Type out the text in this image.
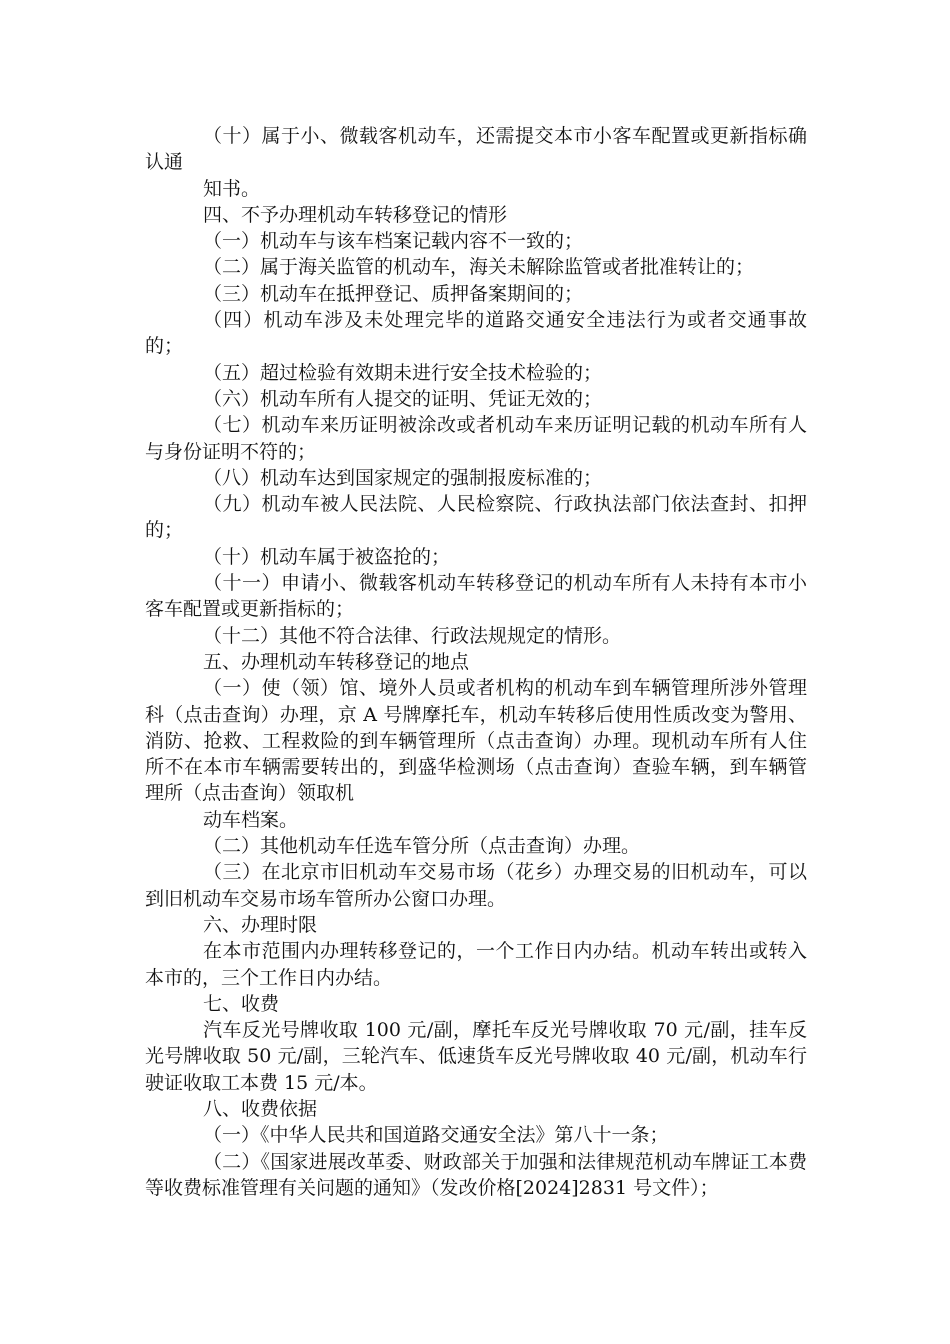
（十）属于小、微载客机动车，还需提交本市小客车配置或更新指标确认通

知书。

四、不予办理机动车转移登记的情形

（一）机动车与该车档案记载内容不一致的；

（二）属于海关监管的机动车，海关未解除监管或者批准转让的；

（三）机动车在抵押登记、质押备案期间的；

（四）机动车涉及未处理完毕的道路交通安全违法行为或者交通事故的；

（五）超过检验有效期未进行安全技术检验的；

（六）机动车所有人提交的证明、凭证无效的；

（七）机动车来历证明被涂改或者机动车来历证明记载的机动车所有人与身份证明不符的；

（八）机动车达到国家规定的强制报废标准的；

（九）机动车被人民法院、人民检察院、行政执法部门依法查封、扣押的；

（十）机动车属于被盗抢的；

（十一）申请小、微载客机动车转移登记的机动车所有人未持有本市小客车配置或更新指标的；

（十二）其他不符合法律、行政法规规定的情形。

五、办理机动车转移登记的地点

（一）使（领）馆、境外人员或者机构的机动车到车辆管理所涉外管理科（点击查询）办理，京 A 号牌摩托车，机动车转移后使用性质改变为警用、消防、抢救、工程救险的到车辆管理所（点击查询）办理。现机动车所有人住所不在本市车辆需要转出的，到盛华检测场（点击查询）查验车辆，到车辆管理所（点击查询）领取机

动车档案。

（二）其他机动车任选车管分所（点击查询）办理。

（三）在北京市旧机动车交易市场（花乡）办理交易的旧机动车，可以到旧机动车交易市场车管所办公窗口办理。

六、办理时限

在本市范围内办理转移登记的，一个工作日内办结。机动车转出或转入本市的，三个工作日内办结。

七、收费

汽车反光号牌收取 100 元/副，摩托车反光号牌收取 70 元/副，挂车反光号牌收取 50 元/副，三轮汽车、低速货车反光号牌收取 40 元/副，机动车行驶证收取工本费 15 元/本。

八、收费依据

（一）《中华人民共和国道路交通安全法》第八十一条；

（二）《国家进展改革委、财政部关于加强和法律规范机动车牌证工本费等收费标准管理有关问题的通知》（发改价格[2024]2831 号文件）；
